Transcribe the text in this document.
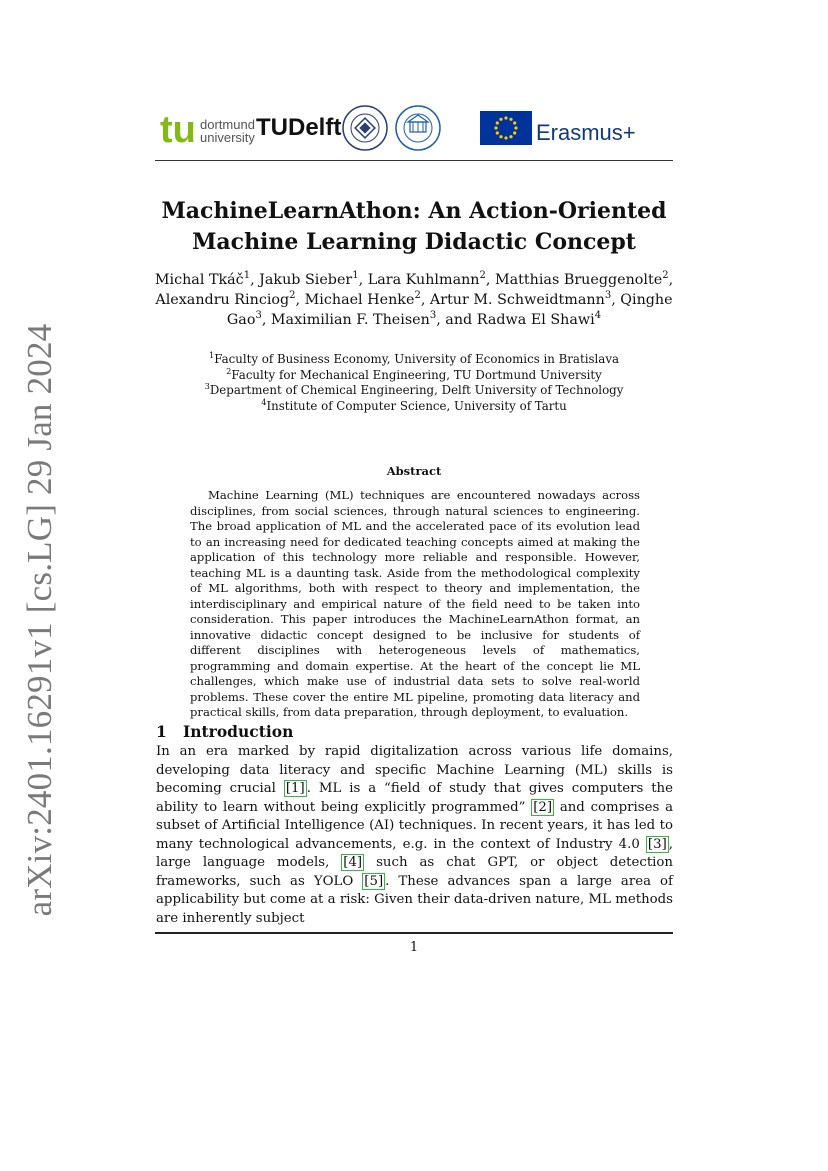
arXiv:2401.16291v1 [cs.LG] 29 Jan 2024
tu dortmund
university TUDelft	Erasmus+
MachineLearnAthon: An Action-Oriented
Machine Learning Didactic Concept
Michal Tkáč$^1$, Jakub Sieber$^1$, Lara Kuhlmann$^2$, Matthias Brueggenolte$^2$,
Alexandru Rinciog$^2$, Michael Henke$^2$, Artur M. Schweidtmann$^3$, Qinghe Gao$^3$, Maximilian F. Theisen$^3$, and Radwa El Shawi$^4$
$^1$Faculty of Business Economy, University of Economics in Bratislava
$^2$Faculty for Mechanical Engineering, TU Dortmund University
$^3$Department of Chemical Engineering, Delft University of Technology
$^4$Institute of Computer Science, University of Tartu
Abstract
Machine Learning (ML) techniques are encountered nowadays across disciplines, from social sciences, through natural sciences to engineering. The broad application of ML and the accelerated pace of its evolution lead to an increasing need for dedicated teaching concepts aimed at making the application of this technology more reliable and responsible. However, teaching ML is a daunting task. Aside from the methodological complexity of ML algorithms, both with respect to theory and implementation, the interdisciplinary and empirical nature of the field need to be taken into consideration. This paper introduces the MachineLearnAthon format, an innovative didactic concept designed to be inclusive for students of different disciplines with heterogeneous levels of mathematics, programming and domain expertise. At the heart of the concept lie ML challenges, which make use of industrial data sets to solve real-world problems. These cover the entire ML pipeline, promoting data literacy and practical skills, from data preparation, through deployment, to evaluation.
1 Introduction
In an era marked by rapid digitalization across various life domains, developing data literacy and specific Machine Learning (ML) skills is becoming crucial [1] . ML is a “field of study that gives computers the ability to learn without being explicitly programmed” [2] and comprises a subset of Artificial Intelligence (AI) techniques. In recent years, it has led to many technological advancements, e.g. in the context of Industry 4.0 [3] , large language models, [4] such as chat GPT, or object detection frameworks, such as YOLO [5] . These advances span a large area of applicability but come at a risk: Given their data-driven nature, ML methods are inherently subject
1
